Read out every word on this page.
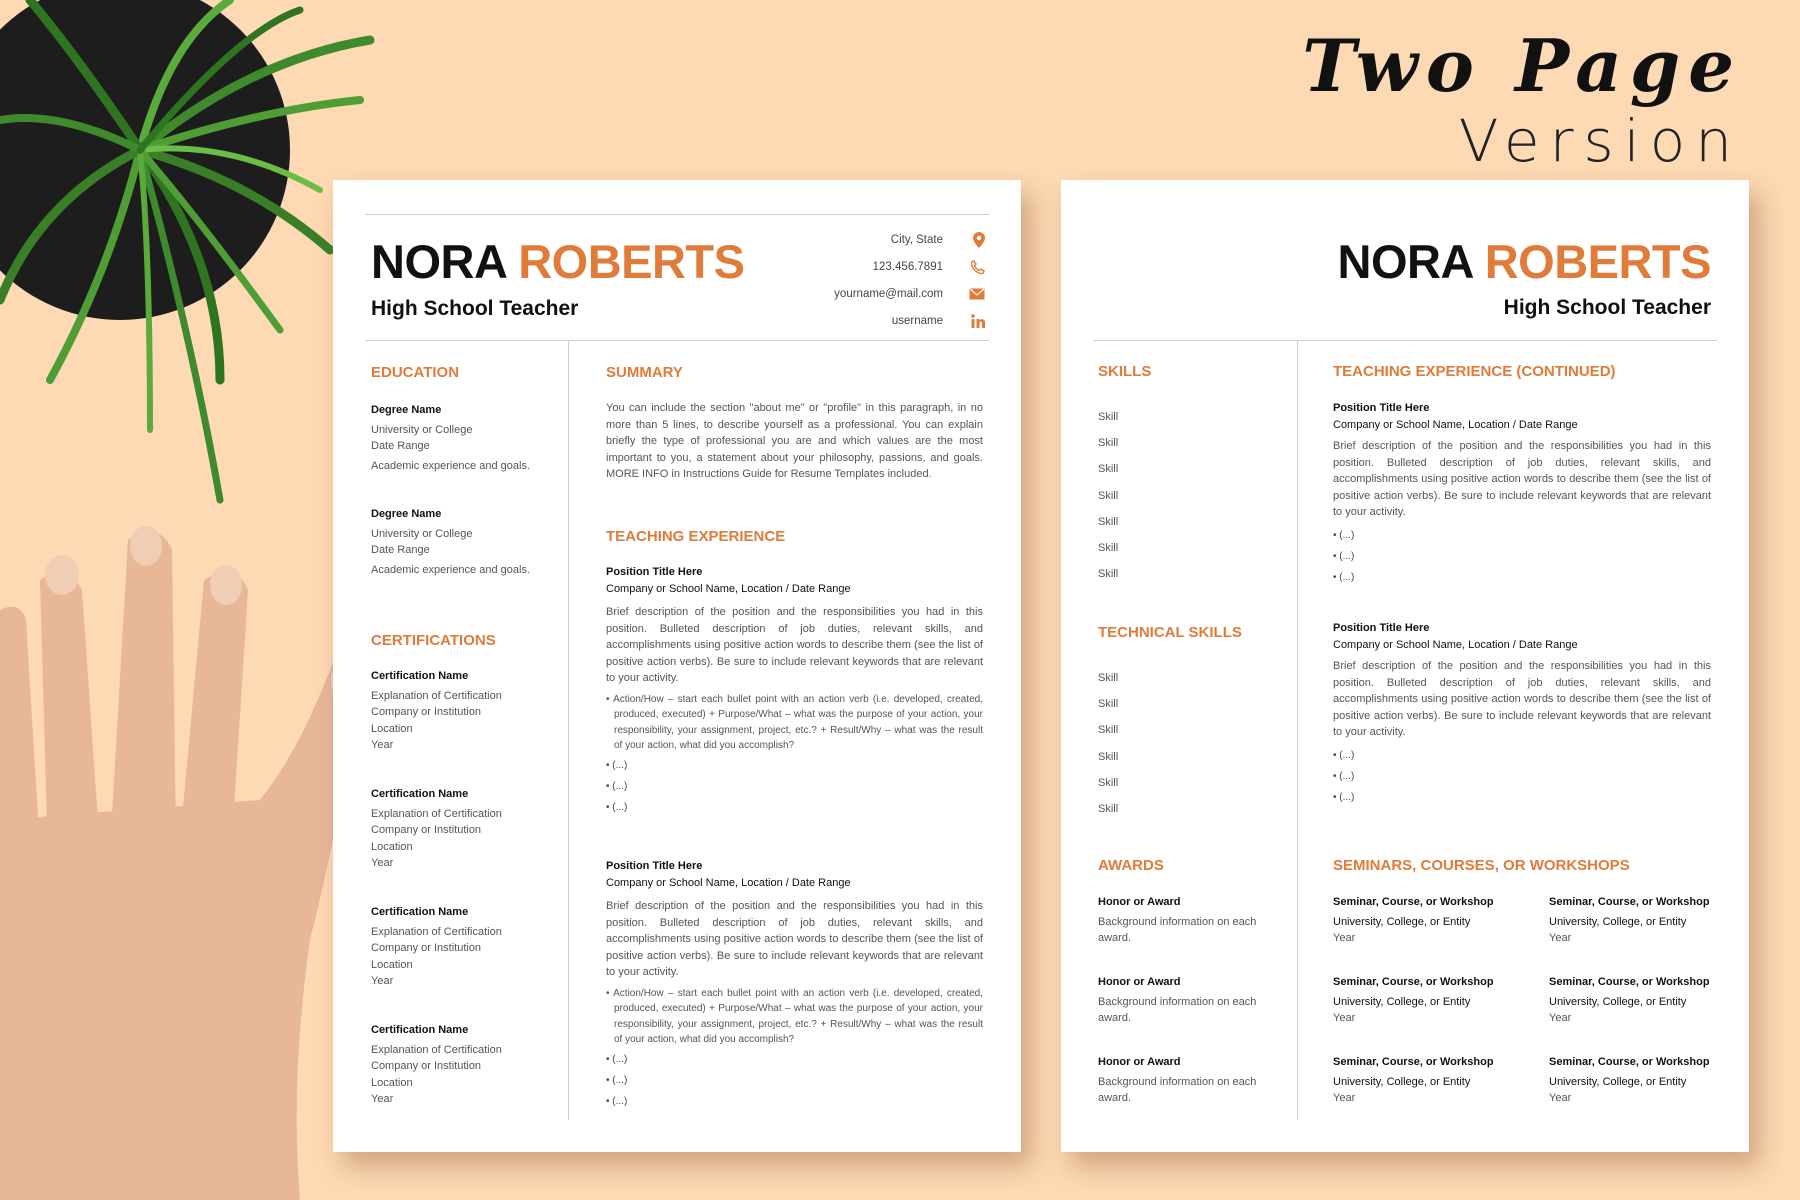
Two Page
Version
NORA ROBERTS
High School Teacher
City, State
123.456.7891
yourname@mail.com
username
EDUCATION
Degree Name
University or College
Date Range
Academic experience and goals.
Degree Name
University or College
Date Range
Academic experience and goals.
CERTIFICATIONS
Certification Name
Explanation of Certification
Company or Institution
Location
Year
Certification Name
Explanation of Certification
Company or Institution
Location
Year
Certification Name
Explanation of Certification
Company or Institution
Location
Year
Certification Name
Explanation of Certification
Company or Institution
Location
Year
SUMMARY
You can include the section "about me" or "profile" in this paragraph, in no more than 5 lines, to describe yourself as a professional. You can explain briefly the type of professional you are and which values are the most important to you, a statement about your philosophy, passions, and goals. MORE INFO in Instructions Guide for Resume Templates included.
TEACHING EXPERIENCE
Position Title Here
Company or School Name, Location / Date Range
Brief description of the position and the responsibilities you had in this position. Bulleted description of job duties, relevant skills, and accomplishments using positive action words to describe them (see the list of positive action verbs). Be sure to include relevant keywords that are relevant to your activity.
• Action/How – start each bullet point with an action verb (i.e. developed, created, produced, executed) + Purpose/What – what was the purpose of your action, your responsibility, your assignment, project, etc.? + Result/Why – what was the result of your action, what did you accomplish?
• (...)
• (...)
• (...)
Position Title Here
Company or School Name, Location / Date Range
Brief description of the position and the responsibilities you had in this position. Bulleted description of job duties, relevant skills, and accomplishments using positive action words to describe them (see the list of positive action verbs). Be sure to include relevant keywords that are relevant to your activity.
• Action/How – start each bullet point with an action verb (i.e. developed, created, produced, executed) + Purpose/What – what was the purpose of your action, your responsibility, your assignment, project, etc.? + Result/Why – what was the result of your action, what did you accomplish?
• (...)
• (...)
• (...)
NORA ROBERTS
High School Teacher
SKILLS
Skill
Skill
Skill
Skill
Skill
Skill
Skill
TECHNICAL SKILLS
Skill
Skill
Skill
Skill
Skill
Skill
AWARDS
Honor or Award
Background information on each award.
Honor or Award
Background information on each award.
Honor or Award
Background information on each award.
TEACHING EXPERIENCE (CONTINUED)
Position Title Here
Company or School Name, Location / Date Range
Brief description of the position and the responsibilities you had in this position. Bulleted description of job duties, relevant skills, and accomplishments using positive action words to describe them (see the list of positive action verbs). Be sure to include relevant keywords that are relevant to your activity.
• (...)
• (...)
• (...)
Position Title Here
Company or School Name, Location / Date Range
Brief description of the position and the responsibilities you had in this position. Bulleted description of job duties, relevant skills, and accomplishments using positive action words to describe them (see the list of positive action verbs). Be sure to include relevant keywords that are relevant to your activity.
• (...)
• (...)
• (...)
SEMINARS, COURSES, OR WORKSHOPS
Seminar, Course, or Workshop
University, College, or Entity
Year
Seminar, Course, or Workshop
University, College, or Entity
Year
Seminar, Course, or Workshop
University, College, or Entity
Year
Seminar, Course, or Workshop
University, College, or Entity
Year
Seminar, Course, or Workshop
University, College, or Entity
Year
Seminar, Course, or Workshop
University, College, or Entity
Year
